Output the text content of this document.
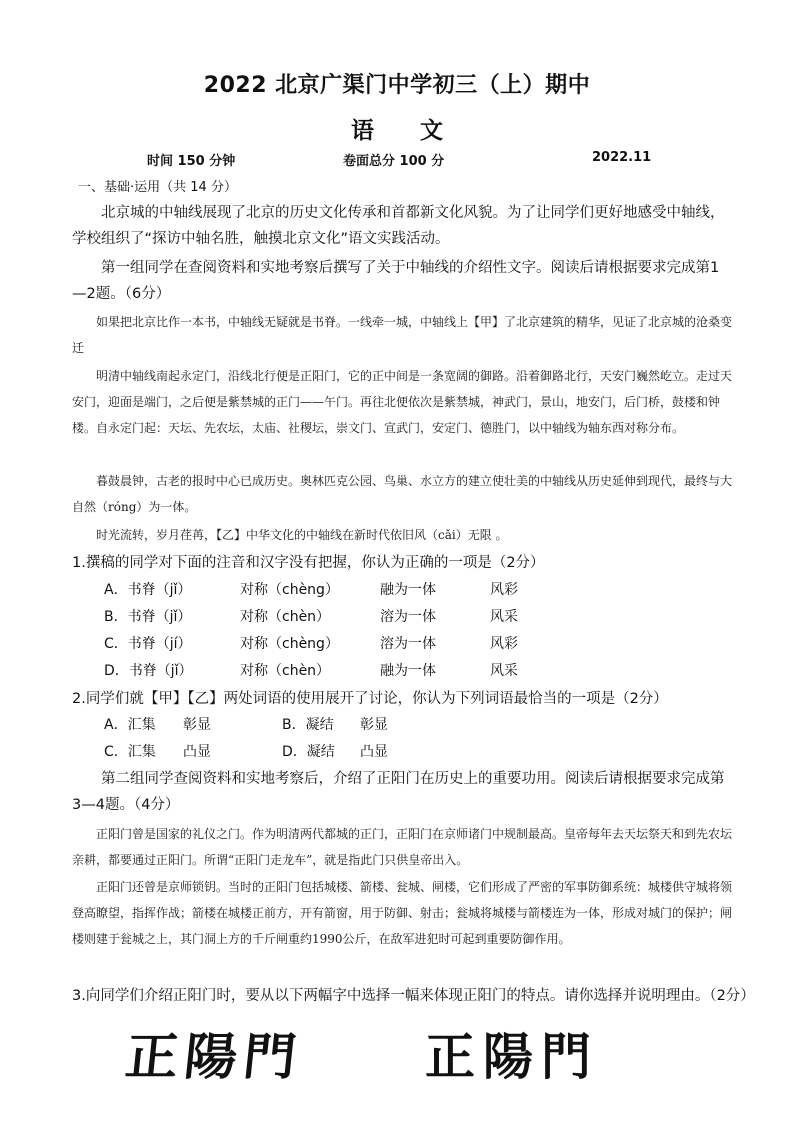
2022 北京广渠门中学初三（上）期中
语　　文
时间 150 分钟	卷面总分 100 分	2022.11
一、基础·运用（共 14 分）
北京城的中轴线展现了北京的历史文化传承和首都新文化风貌。为了让同学们更好地感受中轴线，学校组织了“探访中轴名胜，触摸北京文化”语文实践活动。
第一组同学在查阅资料和实地考察后撰写了关于中轴线的介绍性文字。阅读后请根据要求完成第1—2题。（6分）
如果把北京比作一本书，中轴线无疑就是书脊。一线牵一城，中轴线上【甲】了北京建筑的精华，见证了北京城的沧桑变迁
明清中轴线南起永定门，沿线北行便是正阳门，它的正中间是一条宽阔的御路。沿着御路北行，天安门巍然屹立。走过天安门，迎面是端门，之后便是紫禁城的正门——午门。再往北便依次是紫禁城，神武门，景山，地安门，后门桥，鼓楼和钟楼。自永定门起：天坛、先农坛，太庙、社稷坛，崇文门、宣武门，安定门、德胜门，以中轴线为轴东西对称分布。
暮鼓晨钟，古老的报时中心已成历史。奥林匹克公园、鸟巢、水立方的建立使壮美的中轴线从历史延伸到现代，最终与大自然（róng）为一体。
时光流转，岁月荏苒，【乙】中华文化的中轴线在新时代依旧风（cǎi）无限 。
1.撰稿的同学对下面的注音和汉字没有把握，你认为正确的一项是（2分）
A．书脊（jǐ）	对称（chèng）	融为一体	风彩
B．书脊（jǐ）	对称（chèn）	溶为一体	风采
C．书脊（jí）	对称（chèng）	溶为一体	风彩
D．书脊（jǐ）	对称（chèn）	融为一体	风采
2.同学们就【甲】【乙】两处词语的使用展开了讨论，你认为下列词语最恰当的一项是（2分）
A．汇集 彰显	B．凝结 彰显
C．汇集 凸显	D．凝结 凸显
第二组同学查阅资料和实地考察后，介绍了正阳门在历史上的重要功用。阅读后请根据要求完成第3—4题。（4分）
正阳门曾是国家的礼仪之门。作为明清两代都城的正门，正阳门在京师诸门中规制最高。皇帝每年去天坛祭天和到先农坛亲耕，都要通过正阳门。所谓“正阳门走龙车”，就是指此门只供皇帝出入。
正阳门还曾是京师锁钥。当时的正阳门包括城楼、箭楼、瓮城、闸楼，它们形成了严密的军事防御系统：城楼供守城将领登高瞭望，指挥作战；箭楼在城楼正前方，开有箭窗，用于防御、射击；瓮城将城楼与箭楼连为一体，形成对城门的保护；闸楼则建于瓮城之上，其门洞上方的千斤闸重约1990公斤，在敌军进犯时可起到重要防御作用。
3.向同学们介绍正阳门时，要从以下两幅字中选择一幅来体现正阳门的特点。请你选择并说明理由。（2分）
正陽門 正陽門
